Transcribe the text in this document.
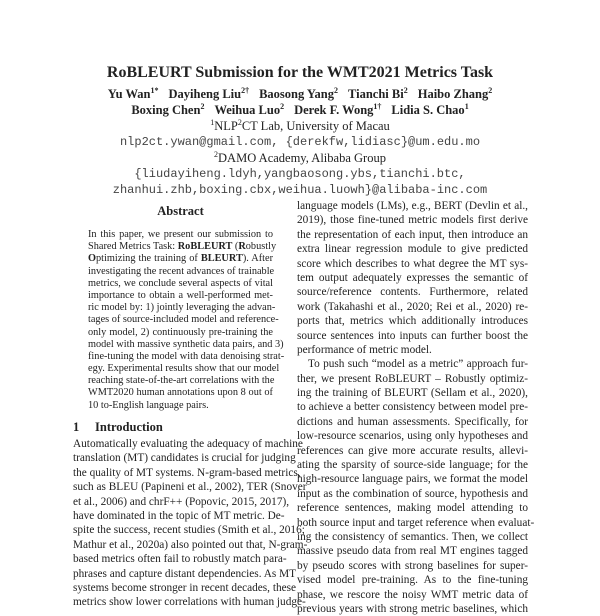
RoBLEURT Submission for the WMT2021 Metrics Task
Yu Wan$^{1*}$ Dayiheng Liu$^{2\dagger}$ Baosong Yang$^2$ Tianchi Bi$^2$ Haibo Zhang$^2$
Boxing Chen$^2$ Weihua Luo$^2$ Derek F. Wong$^{1\dagger}$ Lidia S. Chao$^1$
$^1$NLP$^2$CT Lab, University of Macau
nlp2ct.ywan@gmail.com, {derekfw,lidiasc}@um.edu.mo
$^2$DAMO Academy, Alibaba Group
{liudayiheng.ldyh,yangbaosong.ybs,tianchi.btc,
zhanhui.zhb,boxing.cbx,weihua.luowh}@alibaba-inc.com
Abstract
In this paper, we present our submission to
Shared Metrics Task: RoBLEURT (Robustly
Optimizing the training of BLEURT). After
investigating the recent advances of trainable
metrics, we conclude several aspects of vital
importance to obtain a well-performed met-
ric model by: 1) jointly leveraging the advan-
tages of source-included model and reference-
only model, 2) continuously pre-training the
model with massive synthetic data pairs, and 3)
fine-tuning the model with data denoising strat-
egy. Experimental results show that our model
reaching state-of-the-art correlations with the
WMT2020 human annotations upon 8 out of
10 to-English language pairs.
1 Introduction
Automatically evaluating the adequacy of machine
translation (MT) candidates is crucial for judging
the quality of MT systems. N-gram-based metrics,
such as BLEU (Papineni et al., 2002), TER (Snover
et al., 2006) and chrF++ (Popovic, 2015, 2017),
have dominated in the topic of MT metric. De-
spite the success, recent studies (Smith et al., 2016;
Mathur et al., 2020a) also pointed out that, N-gram-
based metrics often fail to robustly match para-
phrases and capture distant dependencies. As MT
systems become stronger in recent decades, these
metrics show lower correlations with human judge-
language models (LMs), e.g., BERT (Devlin et al.,
2019), those fine-tuned metric models first derive
the representation of each input, then introduce an
extra linear regression module to give predicted
score which describes to what degree the MT sys-
tem output adequately expresses the semantic of
source/reference contents. Furthermore, related
work (Takahashi et al., 2020; Rei et al., 2020) re-
ports that, metrics which additionally introduces
source sentences into inputs can further boost the
performance of metric model.
To push such “model as a metric” approach fur-
ther, we present RoBLEURT – Robustly optimiz-
ing the training of BLEURT (Sellam et al., 2020),
to achieve a better consistency between model pre-
dictions and human assessments. Specifically, for
low-resource scenarios, using only hypotheses and
references can give more accurate results, allevi-
ating the sparsity of source-side language; for the
high-resource language pairs, we format the model
input as the combination of source, hypothesis and
reference sentences, making model attending to
both source input and target reference when evaluat-
ing the consistency of semantics. Then, we collect
massive pseudo data from real MT engines tagged
by pseudo scores with strong baselines for super-
vised model pre-training. As to the fine-tuning
phase, we rescore the noisy WMT metric data of
previous years with strong metric baselines, which
